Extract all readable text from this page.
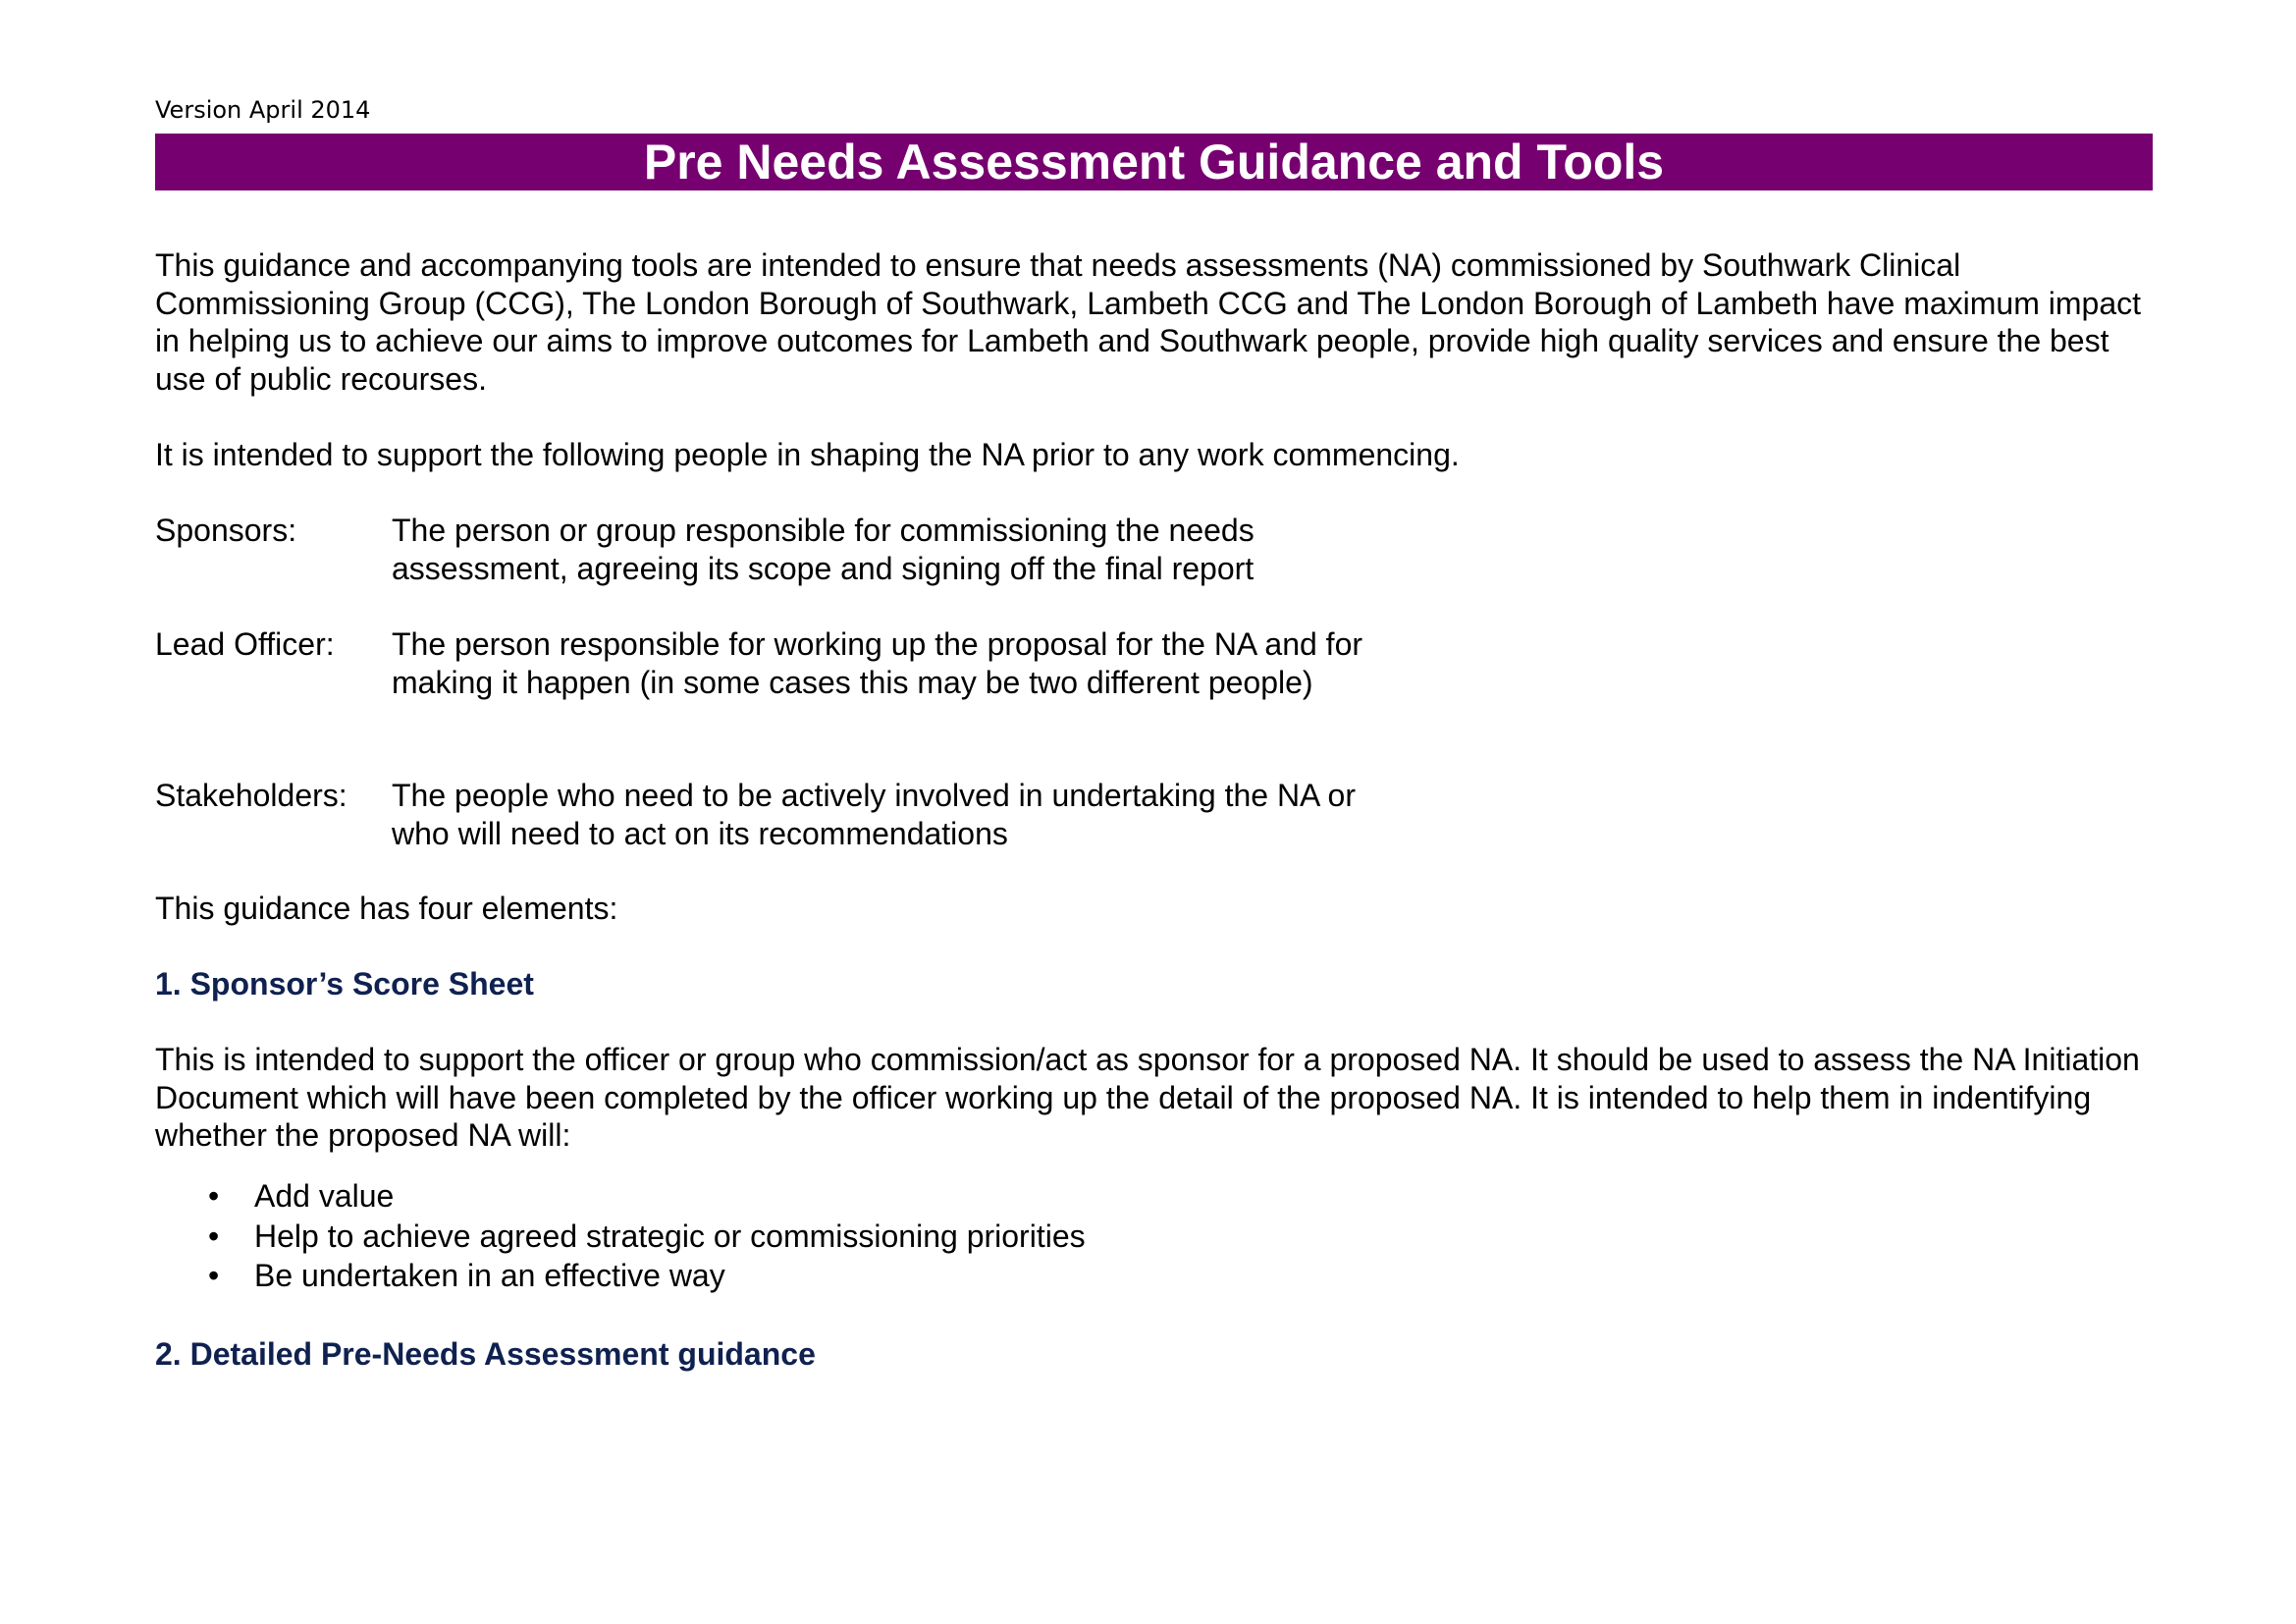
Version April 2014
Pre Needs Assessment Guidance and Tools

This guidance and accompanying tools are intended to ensure that needs assessments (NA) commissioned by Southwark Clinical Commissioning Group (CCG), The London Borough of Southwark, Lambeth CCG and The London Borough of Lambeth have maximum impact in helping us to achieve our aims to improve outcomes for Lambeth and Southwark people, provide high quality services and ensure the best use of public recourses.

It is intended to support the following people in shaping the NA prior to any work commencing.

Sponsors:	The person or group responsible for commissioning the needs assessment, agreeing its scope and signing off the final report
Lead Officer:	The person responsible for working up the proposal for the NA and for making it happen (in some cases this may be two different people)
Stakeholders:	The people who need to be actively involved in undertaking the NA or who will need to act on its recommendations

This guidance has four elements:

1. Sponsor’s Score Sheet

This is intended to support the officer or group who commission/act as sponsor for a proposed NA. It should be used to assess the NA Initiation Document which will have been completed by the officer working up the detail of the proposed NA. It is intended to help them in indentifying whether the proposed NA will:

• Add value
• Help to achieve agreed strategic or commissioning priorities
• Be undertaken in an effective way
2. Detailed Pre-Needs Assessment guidance
